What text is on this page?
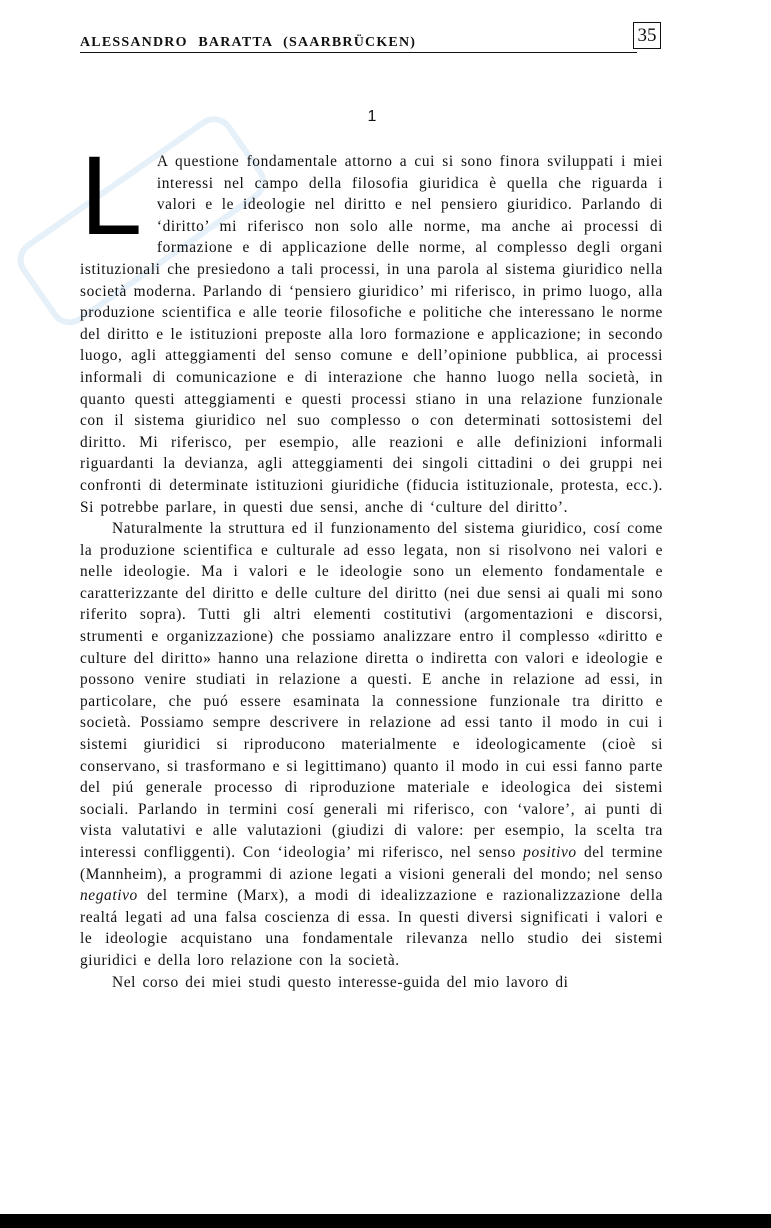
ALESSANDRO BARATTA (SAARBRÜCKEN)	35
1

L A questione fondamentale attorno a cui si sono finora sviluppati i miei interessi nel campo della filosofia giuridica è quella che riguarda i valori e le ideologie nel diritto e nel pensiero giuridico. Parlando di ‘diritto’ mi riferisco non solo alle norme, ma anche ai processi di formazione e di applicazione delle norme, al complesso degli organi istituzionali che presiedono a tali processi, in una parola al sistema giuridico nella società moderna. Parlando di ‘pensiero giuridico’ mi riferisco, in primo luogo, alla produzione scientifica e alle teorie filosofiche e politiche che interessano le norme del diritto e le istituzioni preposte alla loro formazione e applicazione; in secondo luogo, agli atteggiamenti del senso comune e dell’opinione pubblica, ai processi informali di comunicazione e di interazione che hanno luogo nella società, in quanto questi atteggiamenti e questi processi stiano in una relazione funzionale con il sistema giuridico nel suo complesso o con determinati sottosistemi del diritto. Mi riferisco, per esempio, alle reazioni e alle definizioni informali riguardanti la devianza, agli atteggiamenti dei singoli cittadini o dei gruppi nei confronti di determinate istituzioni giuridiche (fiducia istituzionale, protesta, ecc.). Si potrebbe parlare, in questi due sensi, anche di ‘culture del diritto’.

Naturalmente la struttura ed il funzionamento del sistema giuridico, cosí come la produzione scientifica e culturale ad esso legata, non si risolvono nei valori e nelle ideologie. Ma i valori e le ideologie sono un elemento fondamentale e caratterizzante del diritto e delle culture del diritto (nei due sensi ai quali mi sono riferito sopra). Tutti gli altri elementi costitutivi (argomentazioni e discorsi, strumenti e organizzazione) che possiamo analizzare entro il complesso «diritto e culture del diritto» hanno una relazione diretta o indiretta con valori e ideologie e possono venire studiati in relazione a questi. E anche in relazione ad essi, in particolare, che puó essere esaminata la connessione funzionale tra diritto e società. Possiamo sempre descrivere in relazione ad essi tanto il modo in cui i sistemi giuridici si riproducono materialmente e ideologicamente (cioè si conservano, si trasformano e si legittimano) quanto il modo in cui essi fanno parte del piú generale processo di riproduzione materiale e ideologica dei sistemi sociali. Parlando in termini cosí generali mi riferisco, con ‘valore’, ai punti di vista valutativi e alle valutazioni (giudizi di valore: per esempio, la scelta tra interessi confliggenti). Con ‘ideologia’ mi riferisco, nel senso positivo del termine (Mannheim), a programmi di azione legati a visioni generali del mondo; nel senso negativo del termine (Marx), a modi di idealizzazione e razionalizzazione della realtá legati ad una falsa coscienza di essa. In questi diversi significati i valori e le ideologie acquistano una fondamentale rilevanza nello studio dei sistemi giuridici e della loro relazione con la società.

Nel corso dei miei studi questo interesse-guida del mio lavoro di
